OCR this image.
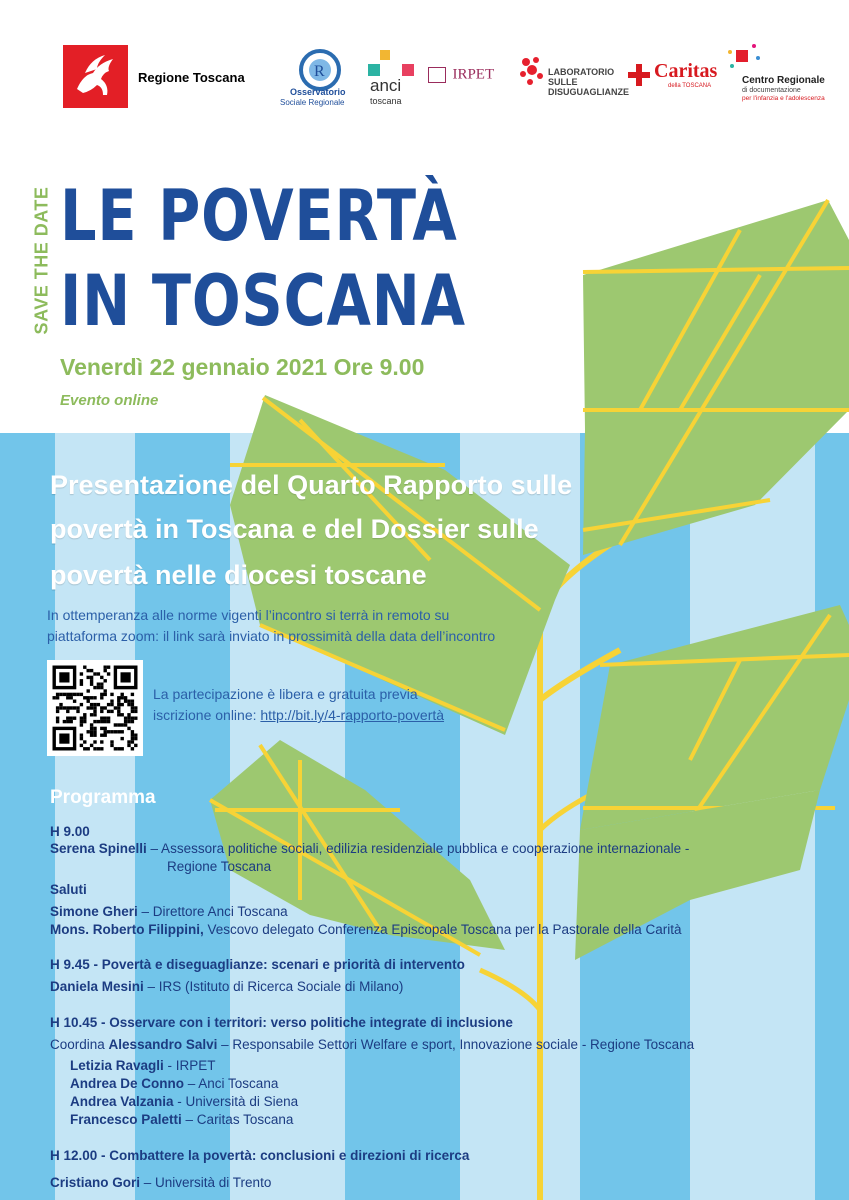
Regione Toscana	R
Osservatorio
Sociale Regionale
anci
toscana
IRPET	LABORATORIO
SULLE
DISUGUAGLIANZE
Caritas
della TOSCANA	Centro Regionale
di documentazione
per l'infanzia e l'adolescenza
SAVE THE DATE LE POVERTÀ
IN TOSCANA
Venerdì 22 gennaio 2021 Ore 9.00
Evento online
Presentazione del Quarto Rapporto sulle
povertà in Toscana e del Dossier sulle
povertà nelle diocesi toscane
In ottemperanza alle norme vigenti l’incontro si terrà in remoto su
piattaforma zoom: il link sarà inviato in prossimità della data dell’incontro
La partecipazione è libera e gratuita previa
iscrizione online: http://bit.ly/4-rapporto-povertà
Programma
H 9.00
Serena Spinelli – Assessora politiche sociali, edilizia residenziale pubblica e cooperazione internazionale -
Regione Toscana
Saluti
Simone Gheri – Direttore Anci Toscana
Mons. Roberto Filippini, Vescovo delegato Conferenza Episcopale Toscana per la Pastorale della Carità
H 9.45 - Povertà e diseguaglianze: scenari e priorità di intervento
Daniela Mesini – IRS (Istituto di Ricerca Sociale di Milano)
H 10.45 - Osservare con i territori: verso politiche integrate di inclusione
Coordina Alessandro Salvi – Responsabile Settori Welfare e sport, Innovazione sociale - Regione Toscana
Letizia Ravagli - IRPET
Andrea De Conno – Anci Toscana
Andrea Valzania - Università di Siena
Francesco Paletti – Caritas Toscana
H 12.00 - Combattere la povertà: conclusioni e direzioni di ricerca
Cristiano Gori – Università di Trento
